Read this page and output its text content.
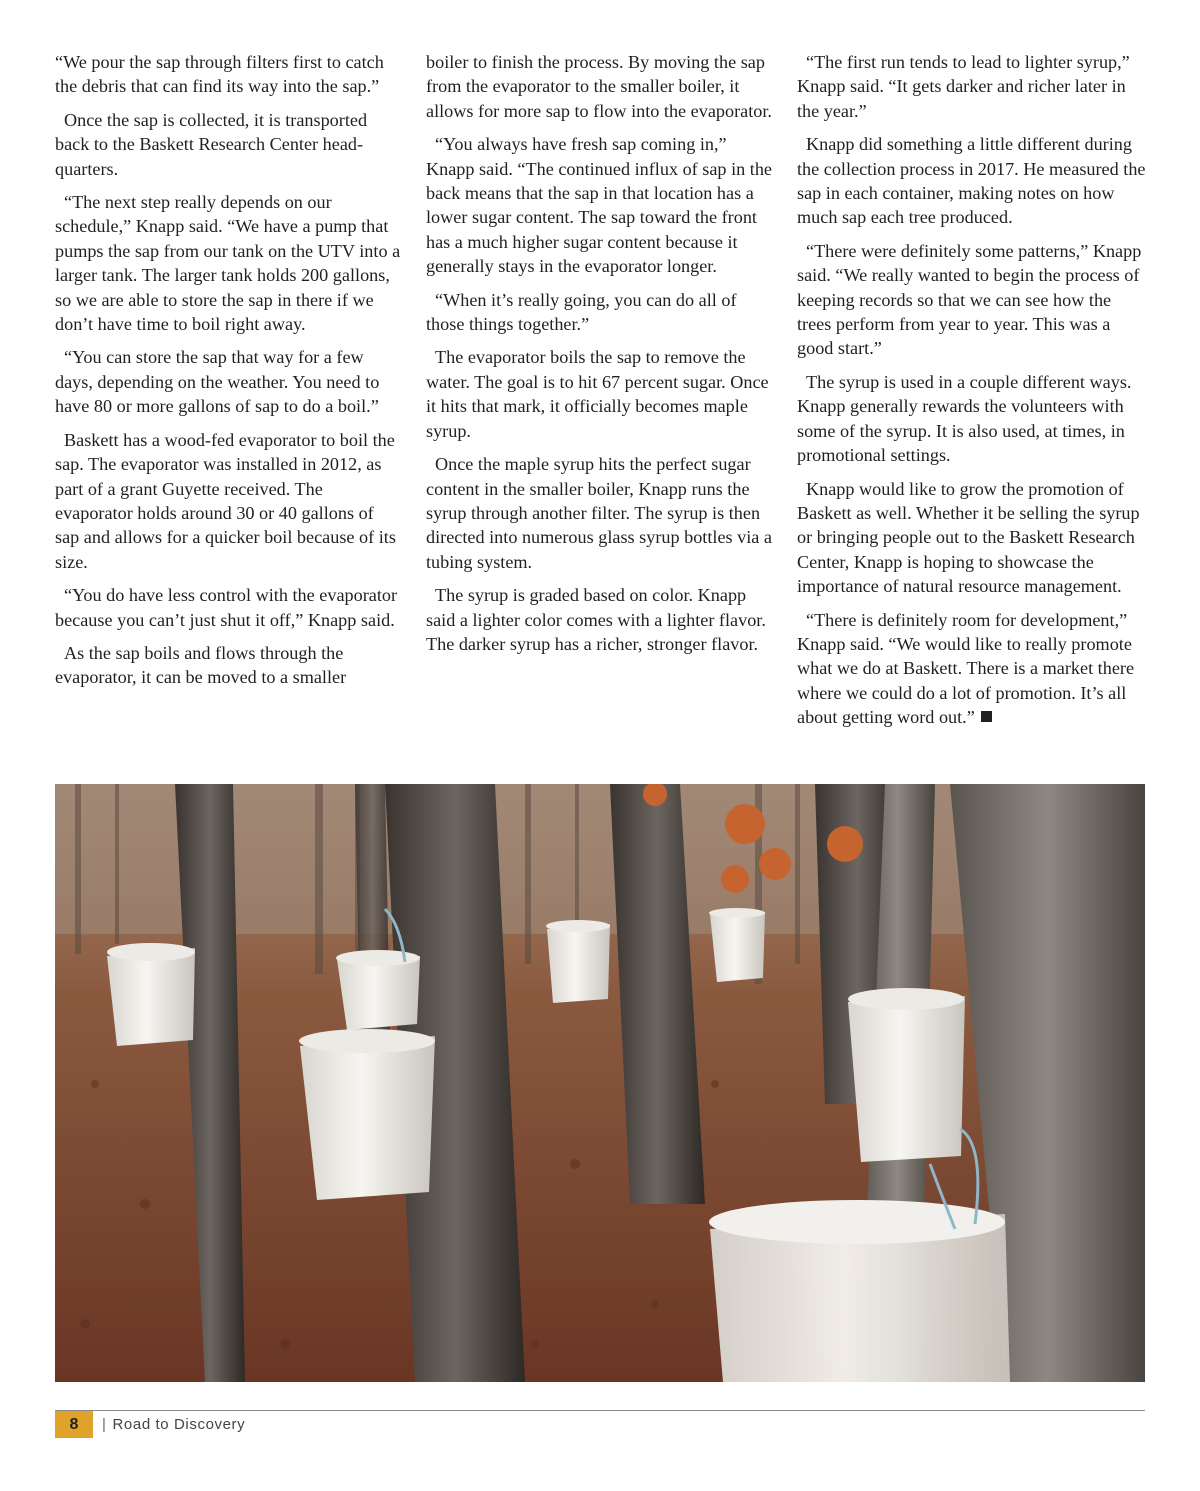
“We pour the sap through filters first to catch the debris that can find its way into the sap.”

Once the sap is collected, it is transported back to the Baskett Research Center headquarters.

“The next step really depends on our schedule,” Knapp said. “We have a pump that pumps the sap from our tank on the UTV into a larger tank. The larger tank holds 200 gallons, so we are able to store the sap in there if we don’t have time to boil right away.

“You can store the sap that way for a few days, depending on the weather. You need to have 80 or more gallons of sap to do a boil.”

Baskett has a wood-fed evaporator to boil the sap. The evaporator was installed in 2012, as part of a grant Guyette received. The evaporator holds around 30 or 40 gallons of sap and allows for a quicker boil because of its size.

“You do have less control with the evaporator because you can’t just shut it off,” Knapp said.

As the sap boils and flows through the evaporator, it can be moved to a smaller

boiler to finish the process. By moving the sap from the evaporator to the smaller boiler, it allows for more sap to flow into the evaporator.

“You always have fresh sap coming in,” Knapp said. “The continued influx of sap in the back means that the sap in that location has a lower sugar content. The sap toward the front has a much higher sugar content because it generally stays in the evaporator longer.

“When it’s really going, you can do all of those things together.”

The evaporator boils the sap to remove the water. The goal is to hit 67 percent sugar. Once it hits that mark, it officially becomes maple syrup.

Once the maple syrup hits the perfect sugar content in the smaller boiler, Knapp runs the syrup through another filter. The syrup is then directed into numerous glass syrup bottles via a tubing system.

The syrup is graded based on color. Knapp said a lighter color comes with a lighter flavor. The darker syrup has a richer, stronger flavor.

“The first run tends to lead to lighter syrup,” Knapp said. “It gets darker and richer later in the year.”

Knapp did something a little different during the collection process in 2017. He measured the sap in each container, making notes on how much sap each tree produced.

“There were definitely some patterns,” Knapp said. “We really wanted to begin the process of keeping records so that we can see how the trees perform from year to year. This was a good start.”

The syrup is used in a couple different ways. Knapp generally rewards the volunteers with some of the syrup. It is also used, at times, in promotional settings.

Knapp would like to grow the promotion of Baskett as well. Whether it be selling the syrup or bringing people out to the Baskett Research Center, Knapp is hoping to showcase the importance of natural resource management.

“There is definitely room for development,” Knapp said. “We would like to really promote what we do at Baskett. There is a market there where we could do a lot of promotion. It’s all about getting word out.”

8	| Road to Discovery
